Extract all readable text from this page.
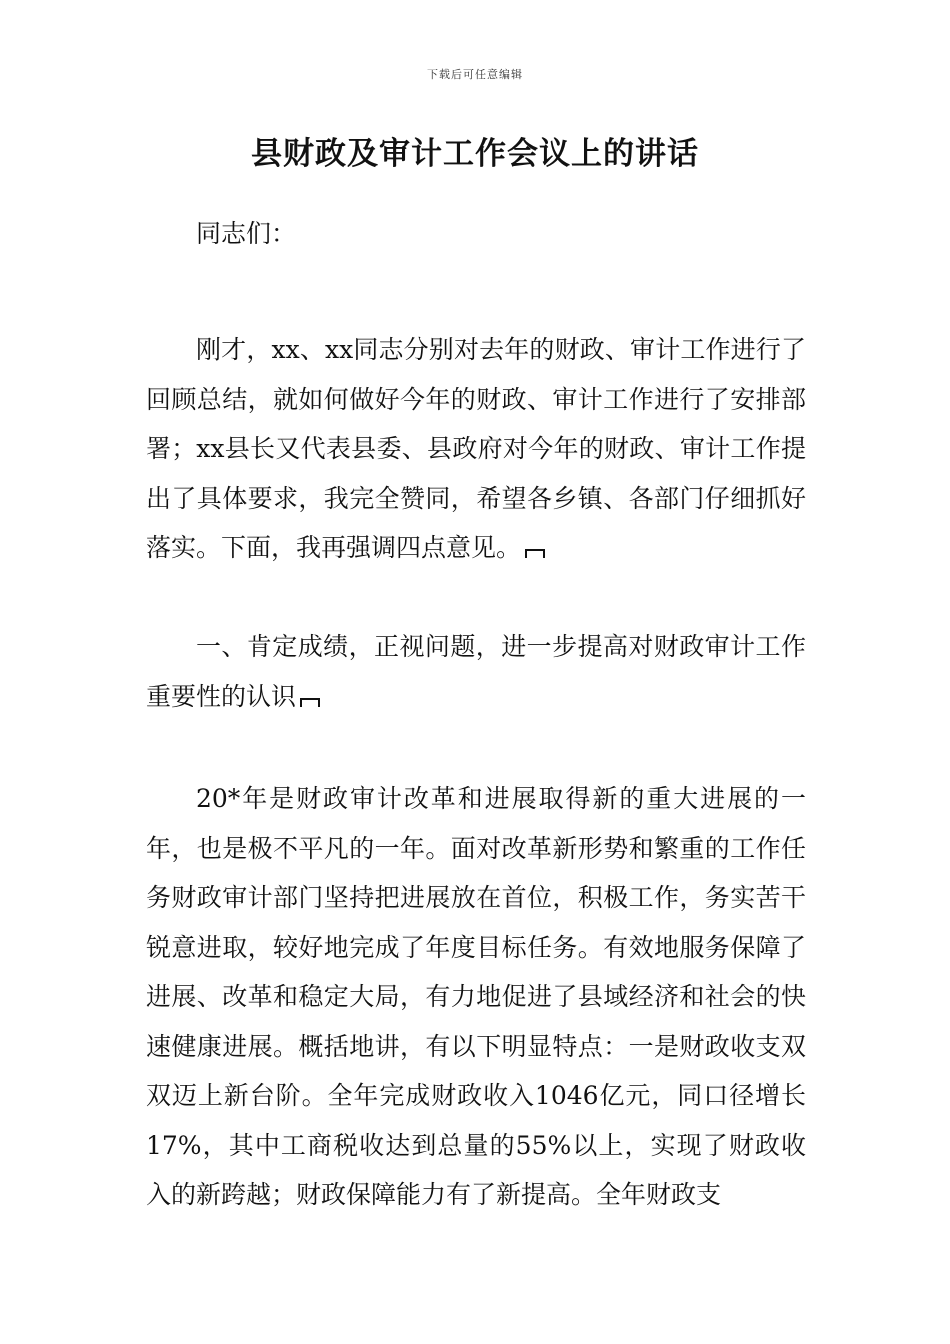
下载后可任意编辑
县财政及审计工作会议上的讲话

同志们：

刚才，xx、xx同志分别对去年的财政、审计工作进行了回顾总结，就如何做好今年的财政、审计工作进行了安排部署；xx县长又代表县委、县政府对今年的财政、审计工作提出了具体要求，我完全赞同，希望各乡镇、各部门仔细抓好落实。下面，我再强调四点意见。

一、肯定成绩，正视问题，进一步提高对财政审计工作重要性的认识

20*年是财政审计改革和进展取得新的重大进展的一年，也是极不平凡的一年。面对改革新形势和繁重的工作任务财政审计部门坚持把进展放在首位，积极工作，务实苦干锐意进取，较好地完成了年度目标任务。有效地服务保障了进展、改革和稳定大局，有力地促进了县域经济和社会的快速健康进展。概括地讲，有以下明显特点：一是财政收支双双迈上新台阶。全年完成财政收入1046亿元，同口径增长17%，其中工商税收达到总量的55%以上，实现了财政收入的新跨越；财政保障能力有了新提高。全年财政支
